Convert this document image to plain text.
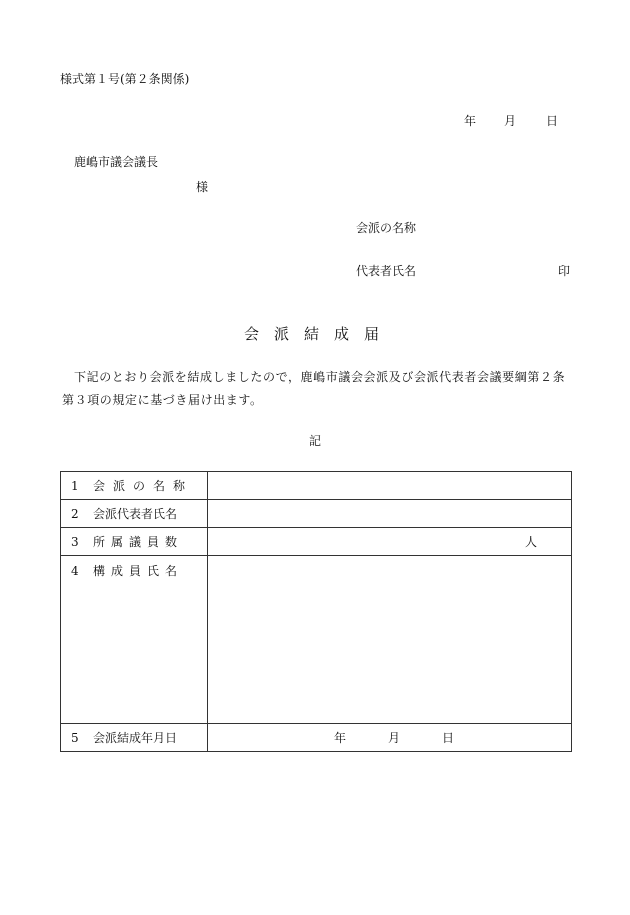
様式第１号(第２条関係)
年 月 日
鹿嶋市議会議長
様
会派の名称
代表者氏名	印
会派結成届
下記のとおり会派を結成しましたので，鹿嶋市議会会派及び会派代表者会議要綱第２条第３項の規定に基づき届け出ます。
記
1 会派の名称	
2 会派代表者氏名	
3 所属議員数	人
4 構成員氏名	
5 会派結成年月日	年 月 日
